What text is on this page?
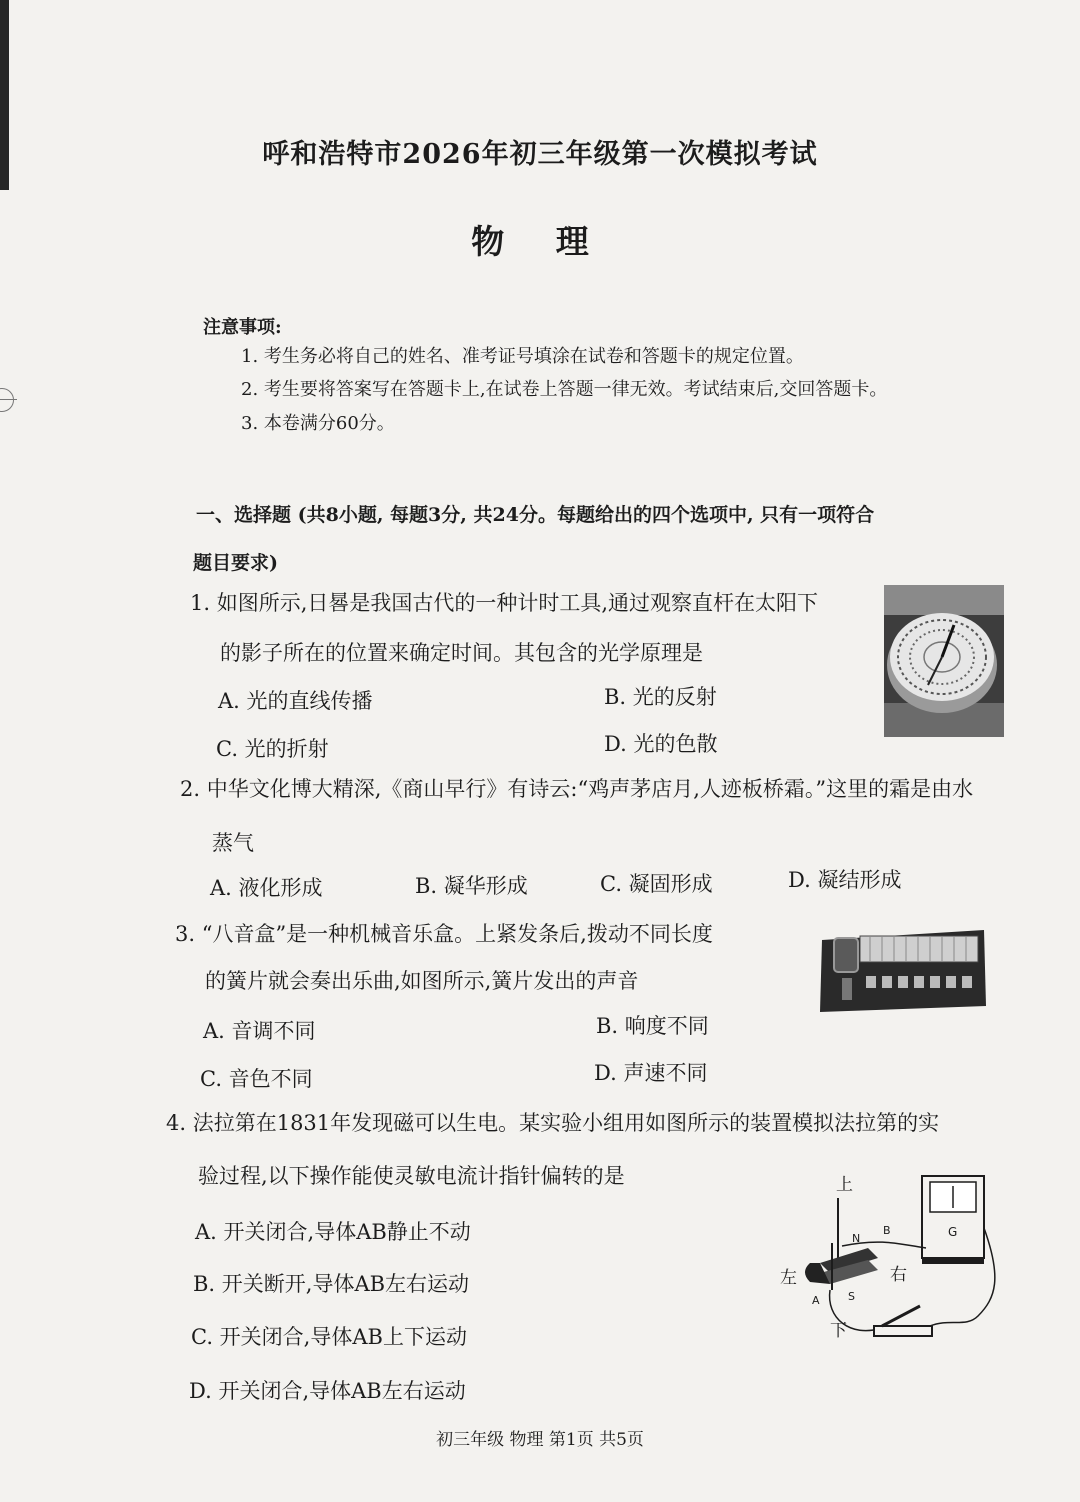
呼和浩特市2026年初三年级第一次模拟考试
物 理
注意事项:
1. 考生务必将自己的姓名、准考证号填涂在试卷和答题卡的规定位置。
2. 考生要将答案写在答题卡上,在试卷上答题一律无效。考试结束后,交回答题卡。
3. 本卷满分60分。
一、选择题 (共8小题, 每题3分, 共24分。每题给出的四个选项中, 只有一项符合
题目要求)
1. 如图所示,日晷是我国古代的一种计时工具,通过观察直杆在太阳下
的影子所在的位置来确定时间。其包含的光学原理是
A. 光的直线传播	B. 光的反射
C. 光的折射	D. 光的色散
2. 中华文化博大精深,《商山早行》有诗云:“鸡声茅店月,人迹板桥霜。”这里的霜是由水
蒸气
A. 液化形成	B. 凝华形成	C. 凝固形成	D. 凝结形成
3. “八音盒”是一种机械音乐盒。上紧发条后,拨动不同长度
的簧片就会奏出乐曲,如图所示,簧片发出的声音
A. 音调不同	B. 响度不同
C. 音色不同	D. 声速不同
4. 法拉第在1831年发现磁可以生电。某实验小组用如图所示的装置模拟法拉第的实
验过程,以下操作能使灵敏电流计指针偏转的是
A. 开关闭合,导体AB静止不动
B. 开关断开,导体AB左右运动
C. 开关闭合,导体AB上下运动
D. 开关闭合,导体AB左右运动
上
下
左	右
N
S
A
B	G
初三年级 物理 第1页 共5页
